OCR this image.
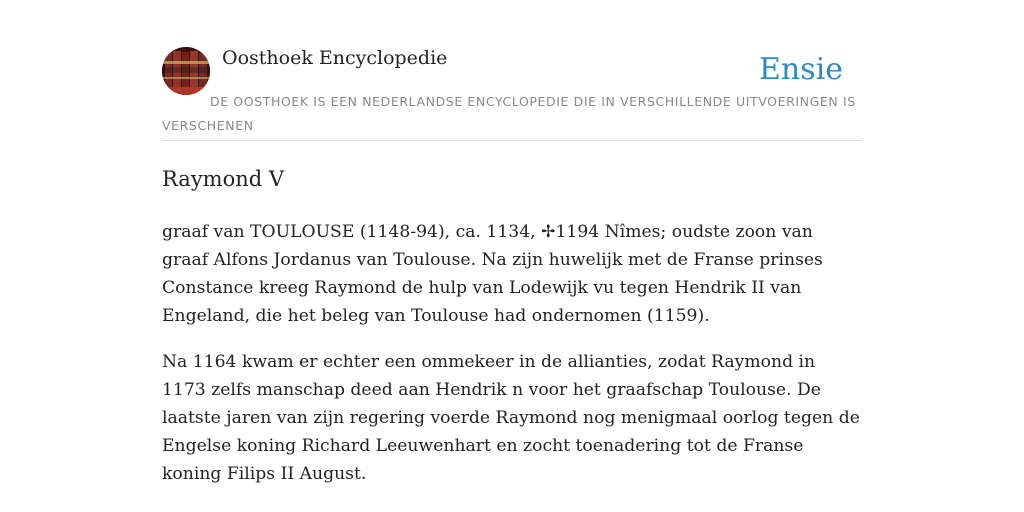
Oosthoek Encyclopedie	Ensie
DE OOSTHOEK IS EEN NEDERLANDSE ENCYCLOPEDIE DIE IN VERSCHILLENDE UITVOERINGEN IS VERSCHENEN
Raymond V

graaf van TOULOUSE (1148-94), ca. 1134, ✢1194 Nîmes; oudste zoon van graaf Alfons Jordanus van Toulouse. Na zijn huwelijk met de Franse prinses Constance kreeg Raymond de hulp van Lodewijk vu tegen Hendrik II van Engeland, die het beleg van Toulouse had ondernomen (1159).

Na 1164 kwam er echter een ommekeer in de allianties, zodat Raymond in 1173 zelfs manschap deed aan Hendrik n voor het graafschap Toulouse. De laatste jaren van zijn regering voerde Raymond nog menigmaal oorlog tegen de Engelse koning Richard Leeuwenhart en zocht toenadering tot de Franse koning Filips II August.
